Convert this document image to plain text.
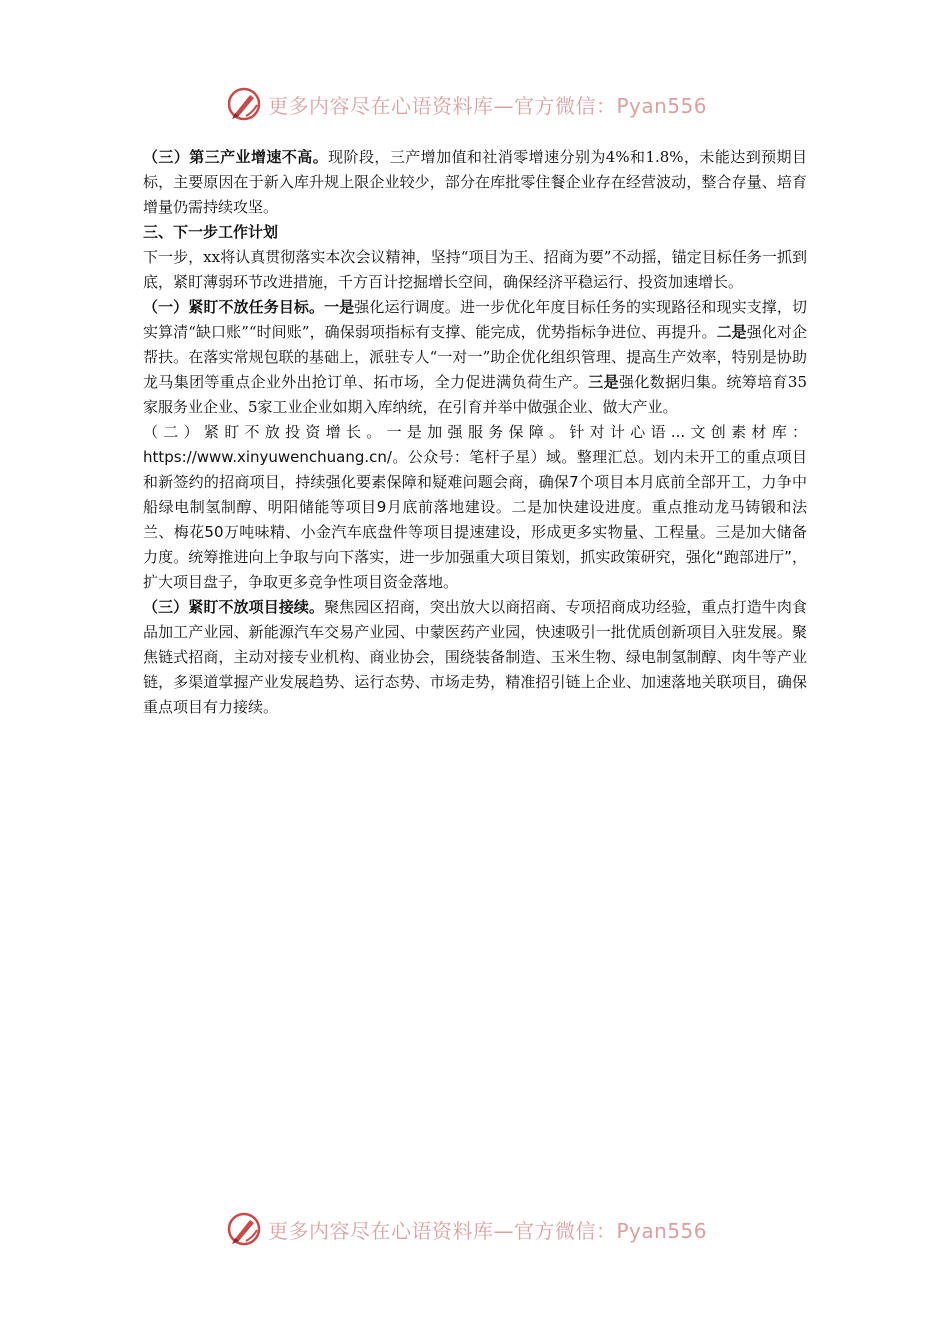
更多内容尽在心语资料库—官方微信：Pyan556

（三）第三产业增速不高。现阶段，三产增加值和社消零增速分别为4%和1.8%，未能达到预期目标，主要原因在于新入库升规上限企业较少，部分在库批零住餐企业存在经营波动，整合存量、培育增量仍需持续攻坚。

三、下一步工作计划

下一步，xx将认真贯彻落实本次会议精神，坚持“项目为王、招商为要”不动摇，锚定目标任务一抓到底，紧盯薄弱环节改进措施，千方百计挖掘增长空间，确保经济平稳运行、投资加速增长。

（一）紧盯不放任务目标。一是强化运行调度。进一步优化年度目标任务的实现路径和现实支撑，切实算清“缺口账”“时间账”，确保弱项指标有支撑、能完成，优势指标争进位、再提升。二是强化对企帮扶。在落实常规包联的基础上，派驻专人“一对一”助企优化组织管理、提高生产效率，特别是协助龙马集团等重点企业外出抢订单、拓市场，全力促进满负荷生产。三是强化数据归集。统筹培育35家服务业企业、5家工业企业如期入库纳统，在引育并举中做强企业、做大产业。

（二）紧盯不放投资增长。一是加强服务保障。针对计心语...文创素材库：https://www.xinyuwenchuang.cn/。公众号：笔杆子星）域。整理汇总。划内未开工的重点项目和新签约的招商项目，持续强化要素保障和疑难问题会商，确保7个项目本月底前全部开工，力争中船绿电制氢制醇、明阳储能等项目9月底前落地建设。二是加快建设进度。重点推动龙马铸锻和法兰、梅花50万吨味精、小金汽车底盘件等项目提速建设，形成更多实物量、工程量。三是加大储备力度。统筹推进向上争取与向下落实，进一步加强重大项目策划，抓实政策研究，强化“跑部进厅”，扩大项目盘子，争取更多竞争性项目资金落地。

（三）紧盯不放项目接续。聚焦园区招商，突出放大以商招商、专项招商成功经验，重点打造牛肉食品加工产业园、新能源汽车交易产业园、中蒙医药产业园，快速吸引一批优质创新项目入驻发展。聚焦链式招商，主动对接专业机构、商业协会，围绕装备制造、玉米生物、绿电制氢制醇、肉牛等产业链，多渠道掌握产业发展趋势、运行态势、市场走势，精准招引链上企业、加速落地关联项目，确保重点项目有力接续。

更多内容尽在心语资料库—官方微信：Pyan556
